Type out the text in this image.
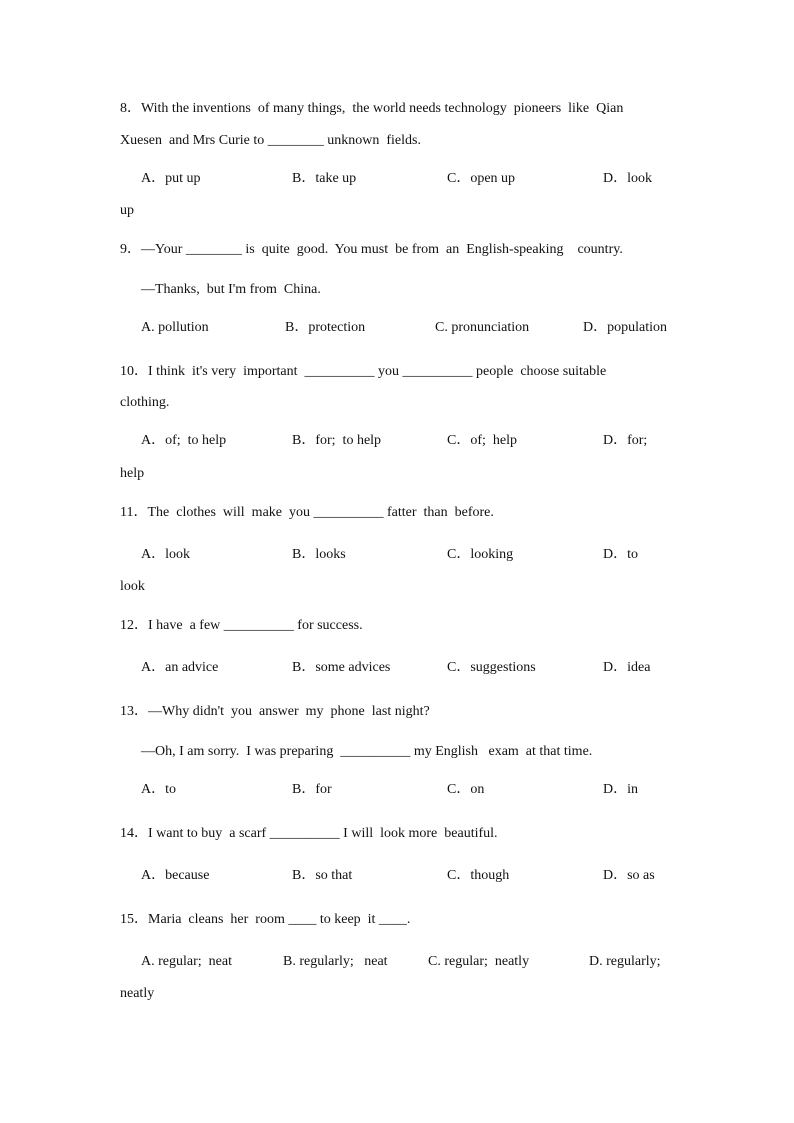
8．With the inventions  of many things,  the world needs technology  pioneers  like  Qian
Xuesen  and Mrs Curie to ________ unknown  fields.
A．put up	B．take up	C．open up	D．look
up
9．—Your ________ is  quite  good.  You must  be from  an  English-speaking    country.
—Thanks,  but I'm from  China.
A. pollution	B．protection	C. pronunciation	D．population
10．I think  it's very  important  __________ you __________ people  choose suitable
clothing.
A．of;  to help	B．for;  to help	C．of;  help	D．for;
help
11．The  clothes  will  make  you __________ fatter  than  before.
A．look	B．looks	C．looking	D．to
look
12．I have  a few __________ for success.
A．an advice	B．some advices	C．suggestions	D．idea
13．—Why didn't  you  answer  my  phone  last night?
—Oh, I am sorry.  I was preparing  __________ my English   exam  at that time.
A．to	B．for	C．on	D．in
14．I want to buy  a scarf __________ I will  look more  beautiful.
A．because	B．so that	C．though	D．so as
15．Maria  cleans  her  room ____ to keep  it ____.
A. regular;  neat	B. regularly;   neat	C. regular;  neatly	D. regularly;
neatly
